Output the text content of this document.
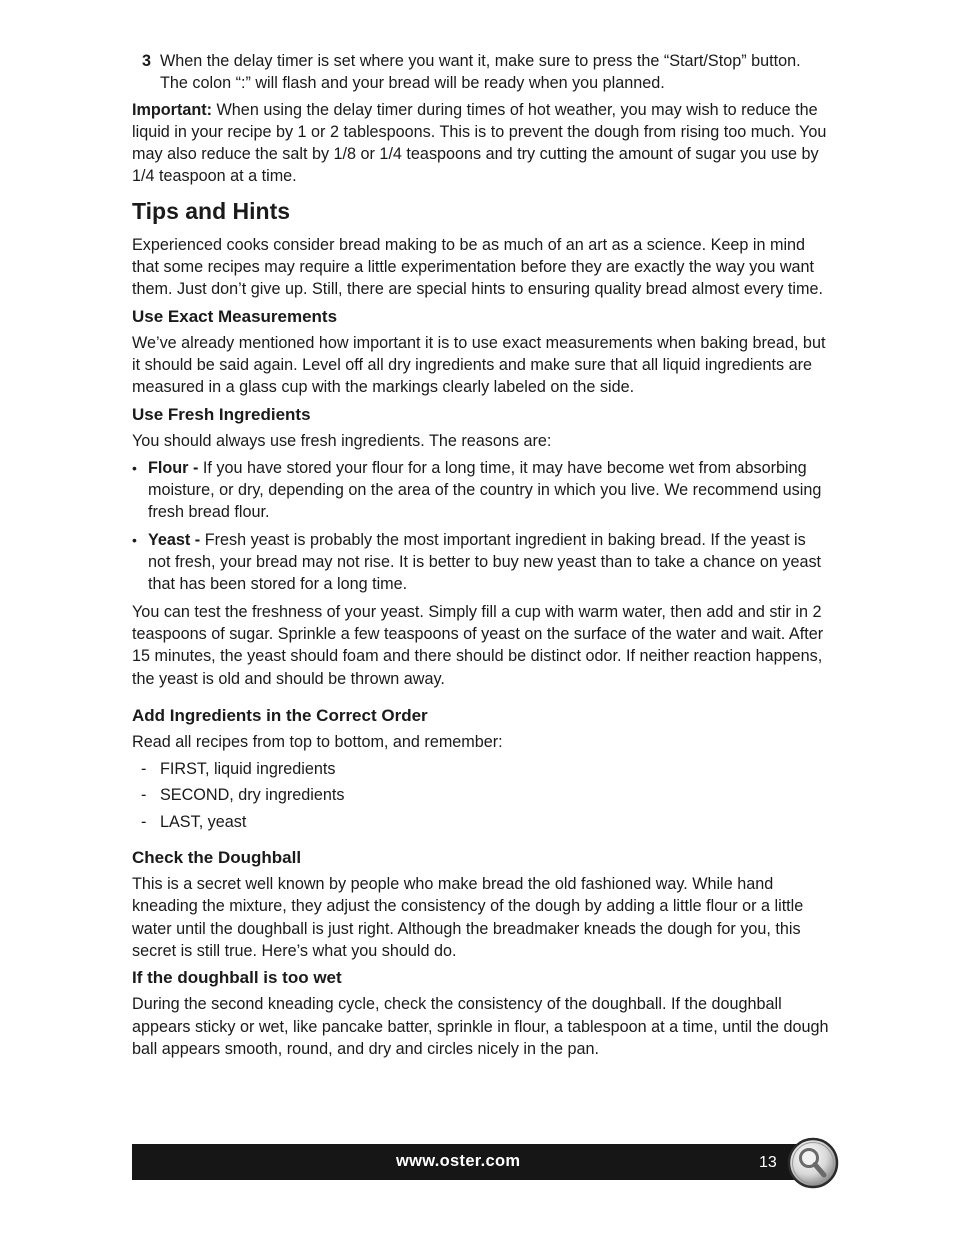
3 When the delay timer is set where you want it, make sure to press the “Start/Stop” button. The colon “:” will flash and your bread will be ready when you planned.
Important: When using the delay timer during times of hot weather, you may wish to reduce the liquid in your recipe by 1 or 2 tablespoons. This is to prevent the dough from rising too much. You may also reduce the salt by 1/8 or 1/4 teaspoons and try cutting the amount of sugar you use by 1/4 teaspoon at a time.
Tips and Hints
Experienced cooks consider bread making to be as much of an art as a science. Keep in mind that some recipes may require a little experimentation before they are exactly the way you want them. Just don’t give up. Still, there are special hints to ensuring quality bread almost every time.
Use Exact Measurements
We’ve already mentioned how important it is to use exact measurements when baking bread, but it should be said again. Level off all dry ingredients and make sure that all liquid ingredients are measured in a glass cup with the markings clearly labeled on the side.
Use Fresh Ingredients
You should always use fresh ingredients. The reasons are:
• Flour - If you have stored your flour for a long time, it may have become wet from absorbing moisture, or dry, depending on the area of the country in which you live. We recommend using fresh bread flour.
• Yeast - Fresh yeast is probably the most important ingredient in baking bread. If the yeast is not fresh, your bread may not rise. It is better to buy new yeast than to take a chance on yeast that has been stored for a long time.
You can test the freshness of your yeast. Simply fill a cup with warm water, then add and stir in 2 teaspoons of sugar. Sprinkle a few teaspoons of yeast on the surface of the water and wait. After 15 minutes, the yeast should foam and there should be distinct odor. If neither reaction happens, the yeast is old and should be thrown away.
Add Ingredients in the Correct Order
Read all recipes from top to bottom, and remember:
- FIRST, liquid ingredients
- SECOND, dry ingredients
- LAST, yeast
Check the Doughball
This is a secret well known by people who make bread the old fashioned way. While hand kneading the mixture, they adjust the consistency of the dough by adding a little flour or a little water until the doughball is just right. Although the breadmaker kneads the dough for you, this secret is still true. Here’s what you should do.
If the doughball is too wet
During the second kneading cycle, check the consistency of the doughball. If the doughball appears sticky or wet, like pancake batter, sprinkle in flour, a tablespoon at a time, until the dough ball appears smooth, round, and dry and circles nicely in the pan.
www.oster.com	13
